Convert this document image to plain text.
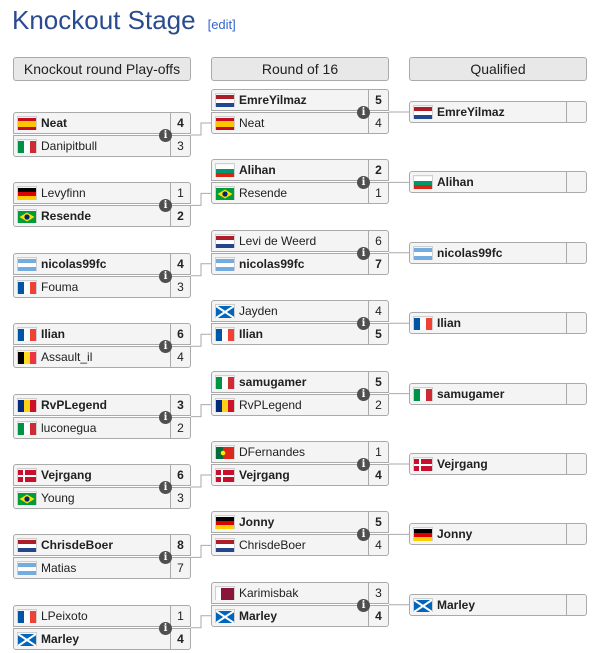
Knockout Stage [edit]
Knockout round Play-offs	Round of 16	Qualified
Neat	4
Danipitbull	3
i
Levyfinn	1
Resende	2
i
nicolas99fc	4
Fouma	3
i
Ilian	6
Assault_il	4
i
RvPLegend	3
luconegua	2
i
Vejrgang	6
Young	3
i
ChrisdeBoer	8
Matias	7
i
LPeixoto	1
Marley	4
i
EmreYilmaz	5
Neat	4
i
Alihan	2
Resende	1
i
Levi de Weerd	6
nicolas99fc	7
i
Jayden	4
Ilian	5
i
samugamer	5
RvPLegend	2
i
DFernandes	1
Vejrgang	4
i
Jonny	5
ChrisdeBoer	4
i
Karimisbak	3
Marley	4
i
EmreYilmaz
Alihan
nicolas99fc
Ilian
samugamer
Vejrgang
Jonny
Marley
